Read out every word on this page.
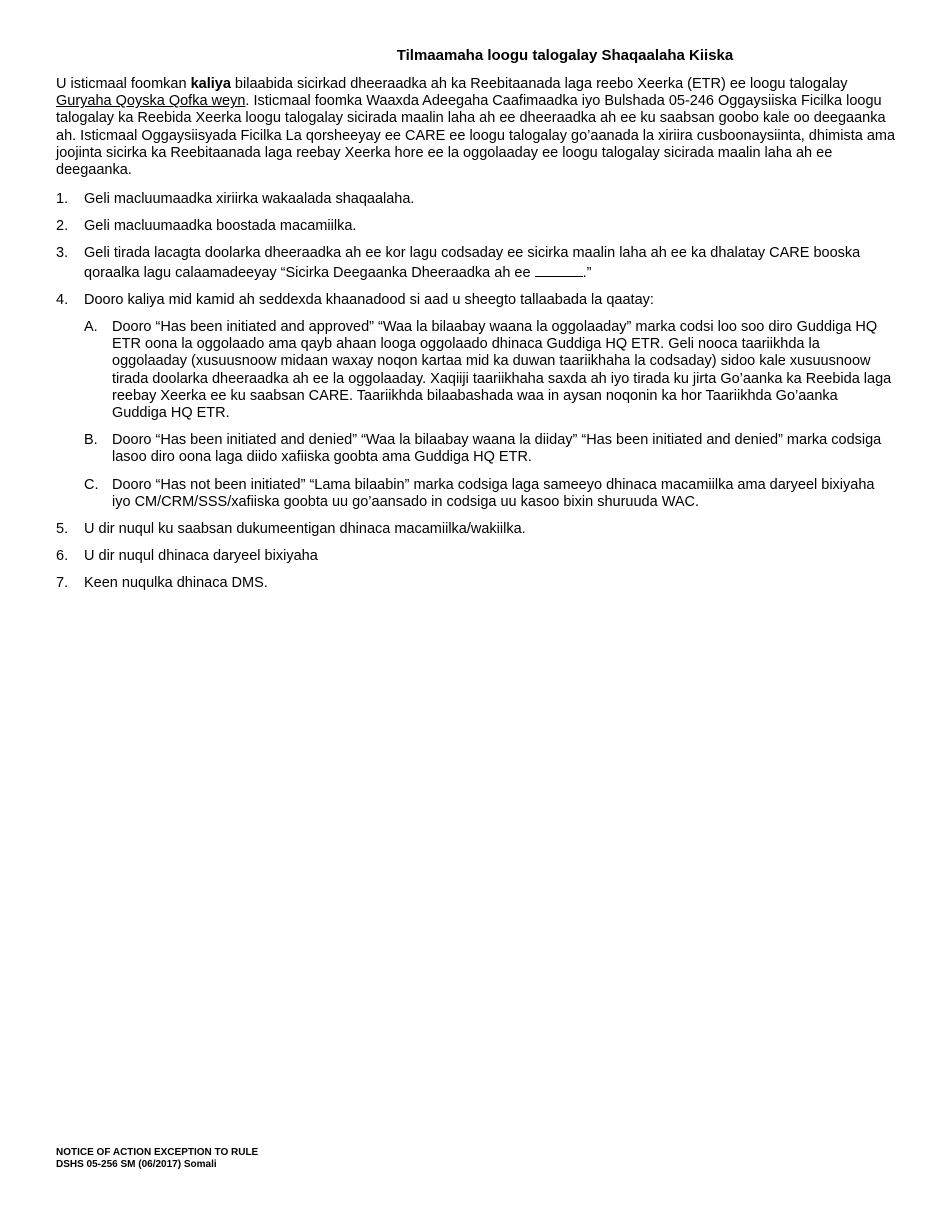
Tilmaamaha loogu talogalay Shaqaalaha Kiiska
U isticmaal foomkan kaliya bilaabida sicirkad dheeraadka ah ka Reebitaanada laga reebo Xeerka (ETR) ee loogu talogalay Guryaha Qoyska Qofka weyn. Isticmaal foomka Waaxda Adeegaha Caafimaadka iyo Bulshada 05-246 Oggaysiiska Ficilka loogu talogalay ka Reebida Xeerka loogu talogalay sicirada maalin laha ah ee dheeraadka ah ee ku saabsan goobo kale oo deegaanka ah. Isticmaal Oggaysiisyada Ficilka La qorsheeyay ee CARE ee loogu talogalay go’aanada la xiriira cusboonaysiinta, dhimista ama joojinta sicirka ka Reebitaanada laga reebay Xeerka hore ee la oggolaaday ee loogu talogalay sicirada maalin laha ah ee deegaanka.
1. Geli macluumaadka xiriirka wakaalada shaqaalaha.
2. Geli macluumaadka boostada macamiilka.
3. Geli tirada lacagta doolarka dheeraadka ah ee kor lagu codsaday ee sicirka maalin laha ah ee ka dhalatay CARE booska qoraalka lagu calaamadeeyay “Sicirka Deegaanka Dheeraadka ah ee	.”
4. Dooro kaliya mid kamid ah seddexda khaanadood si aad u sheegto tallaabada la qaatay:
A. Dooro “Has been initiated and approved” “Waa la bilaabay waana la oggolaaday” marka codsi loo soo diro Guddiga HQ ETR oona la oggolaado ama qayb ahaan looga oggolaado dhinaca Guddiga HQ ETR. Geli nooca taariikhda la oggolaaday (xusuusnoow midaan waxay noqon kartaa mid ka duwan taariikhaha la codsaday) sidoo kale xusuusnoow tirada doolarka dheeraadka ah ee la oggolaaday. Xaqiiji taariikhaha saxda ah iyo tirada ku jirta Go’aanka ka Reebida laga reebay Xeerka ee ku saabsan CARE. Taariikhda bilaabashada waa in aysan noqonin ka hor Taariikhda Go’aanka Guddiga HQ ETR.
B. Dooro “Has been initiated and denied” “Waa la bilaabay waana la diiday” “Has been initiated and denied” marka codsiga lasoo diro oona laga diido xafiiska goobta ama Guddiga HQ ETR.
C. Dooro “Has not been initiated” “Lama bilaabin” marka codsiga laga sameeyo dhinaca macamiilka ama daryeel bixiyaha iyo CM/CRM/SSS/xafiiska goobta uu go’aansado in codsiga uu kasoo bixin shuruuda WAC.
5. U dir nuqul ku saabsan dukumeentigan dhinaca macamiilka/wakiilka.
6. U dir nuqul dhinaca daryeel bixiyaha
7. Keen nuqulka dhinaca DMS.
NOTICE OF ACTION EXCEPTION TO RULE
DSHS 05-256 SM (06/2017) Somali
